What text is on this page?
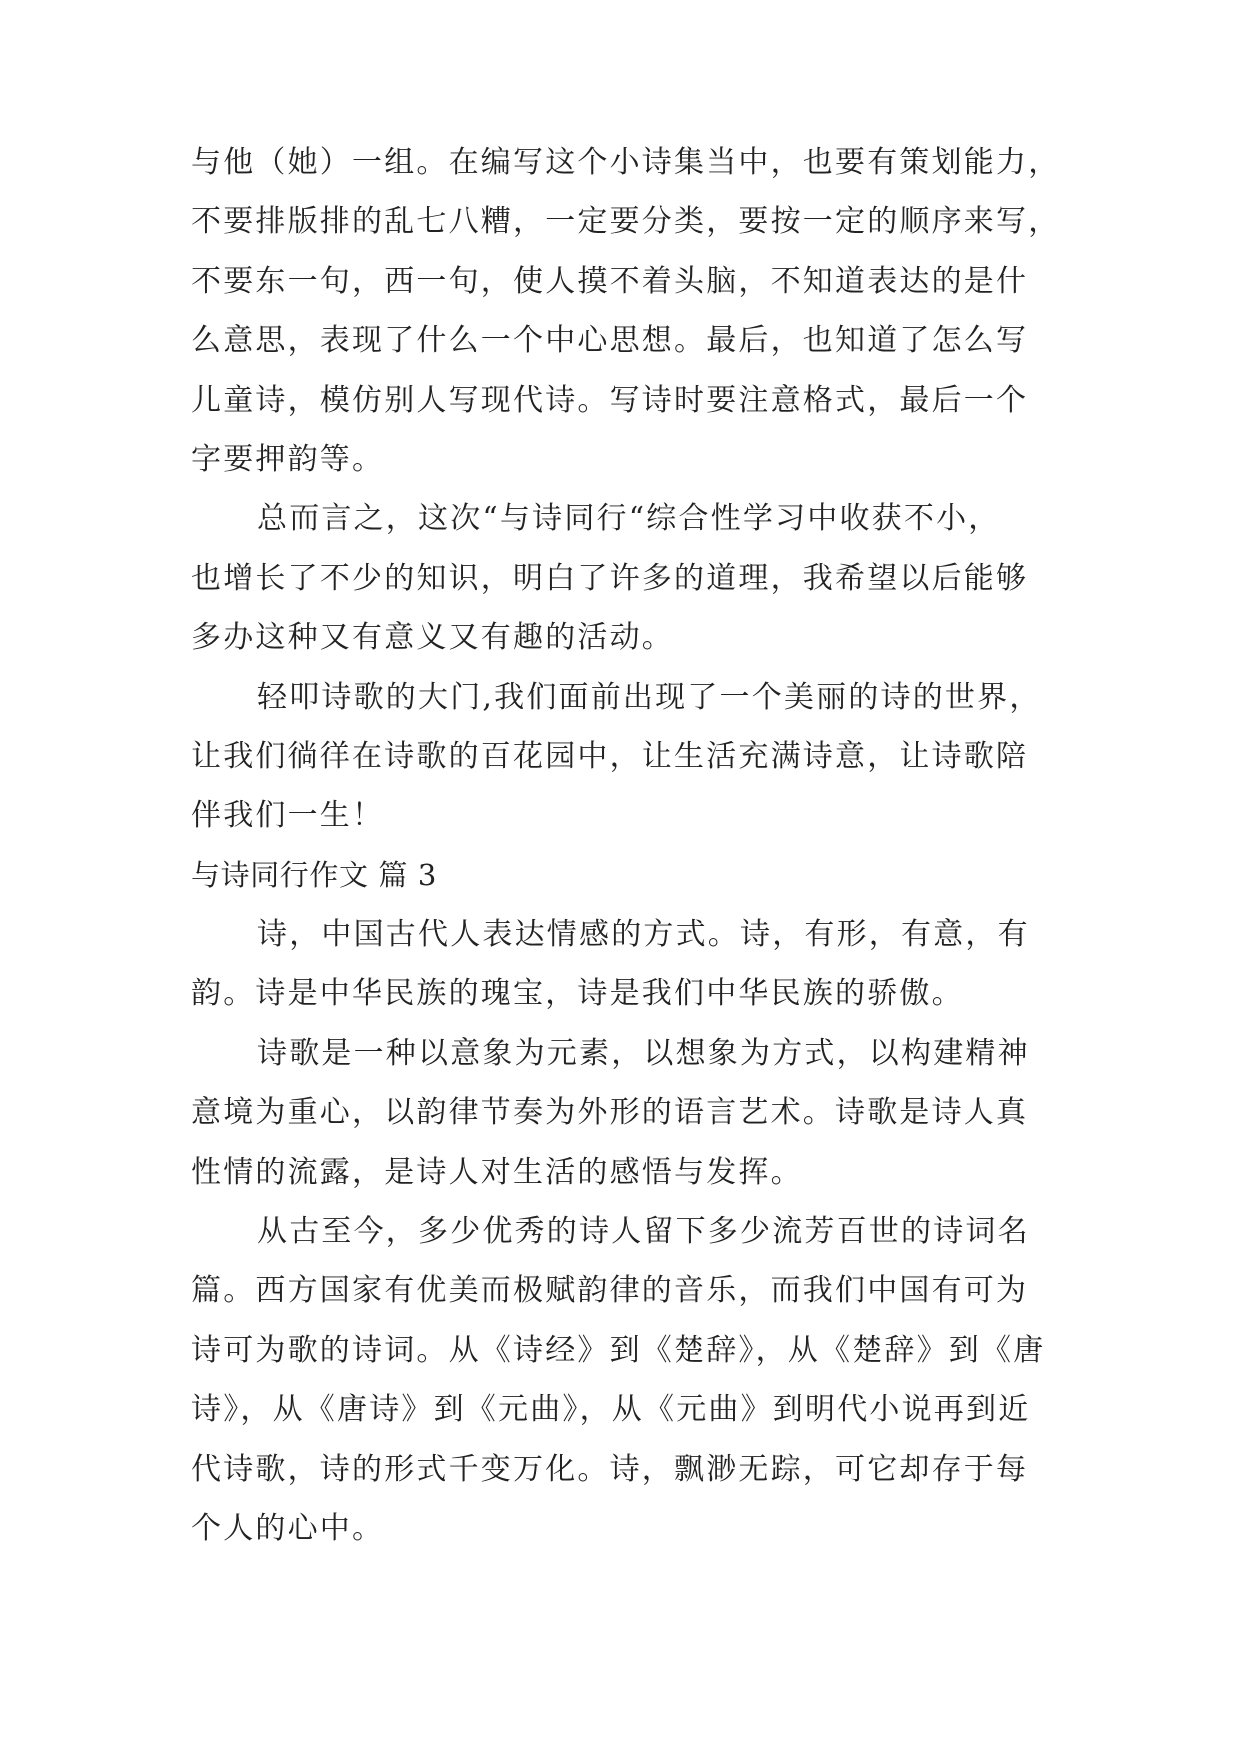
与他（她）一组。在编写这个小诗集当中，也要有策划能力，
不要排版排的乱七八糟，一定要分类，要按一定的顺序来写，
不要东一句，西一句，使人摸不着头脑，不知道表达的是什
么意思，表现了什么一个中心思想。最后，也知道了怎么写
儿童诗，模仿别人写现代诗。写诗时要注意格式，最后一个
字要押韵等。
总而言之，这次“与诗同行“综合性学习中收获不小，
也增长了不少的知识，明白了许多的道理，我希望以后能够
多办这种又有意义又有趣的活动。
轻叩诗歌的大门,我们面前出现了一个美丽的诗的世界，
让我们徜徉在诗歌的百花园中，让生活充满诗意，让诗歌陪
伴我们一生！
与诗同行作文 篇 3
诗，中国古代人表达情感的方式。诗，有形，有意，有
韵。诗是中华民族的瑰宝，诗是我们中华民族的骄傲。
诗歌是一种以意象为元素，以想象为方式，以构建精神
意境为重心，以韵律节奏为外形的语言艺术。诗歌是诗人真
性情的流露，是诗人对生活的感悟与发挥。
从古至今，多少优秀的诗人留下多少流芳百世的诗词名
篇。西方国家有优美而极赋韵律的音乐，而我们中国有可为
诗可为歌的诗词。从《诗经》到《楚辞》，从《楚辞》到《唐
诗》，从《唐诗》到《元曲》，从《元曲》到明代小说再到近
代诗歌，诗的形式千变万化。诗，飘渺无踪，可它却存于每
个人的心中。
